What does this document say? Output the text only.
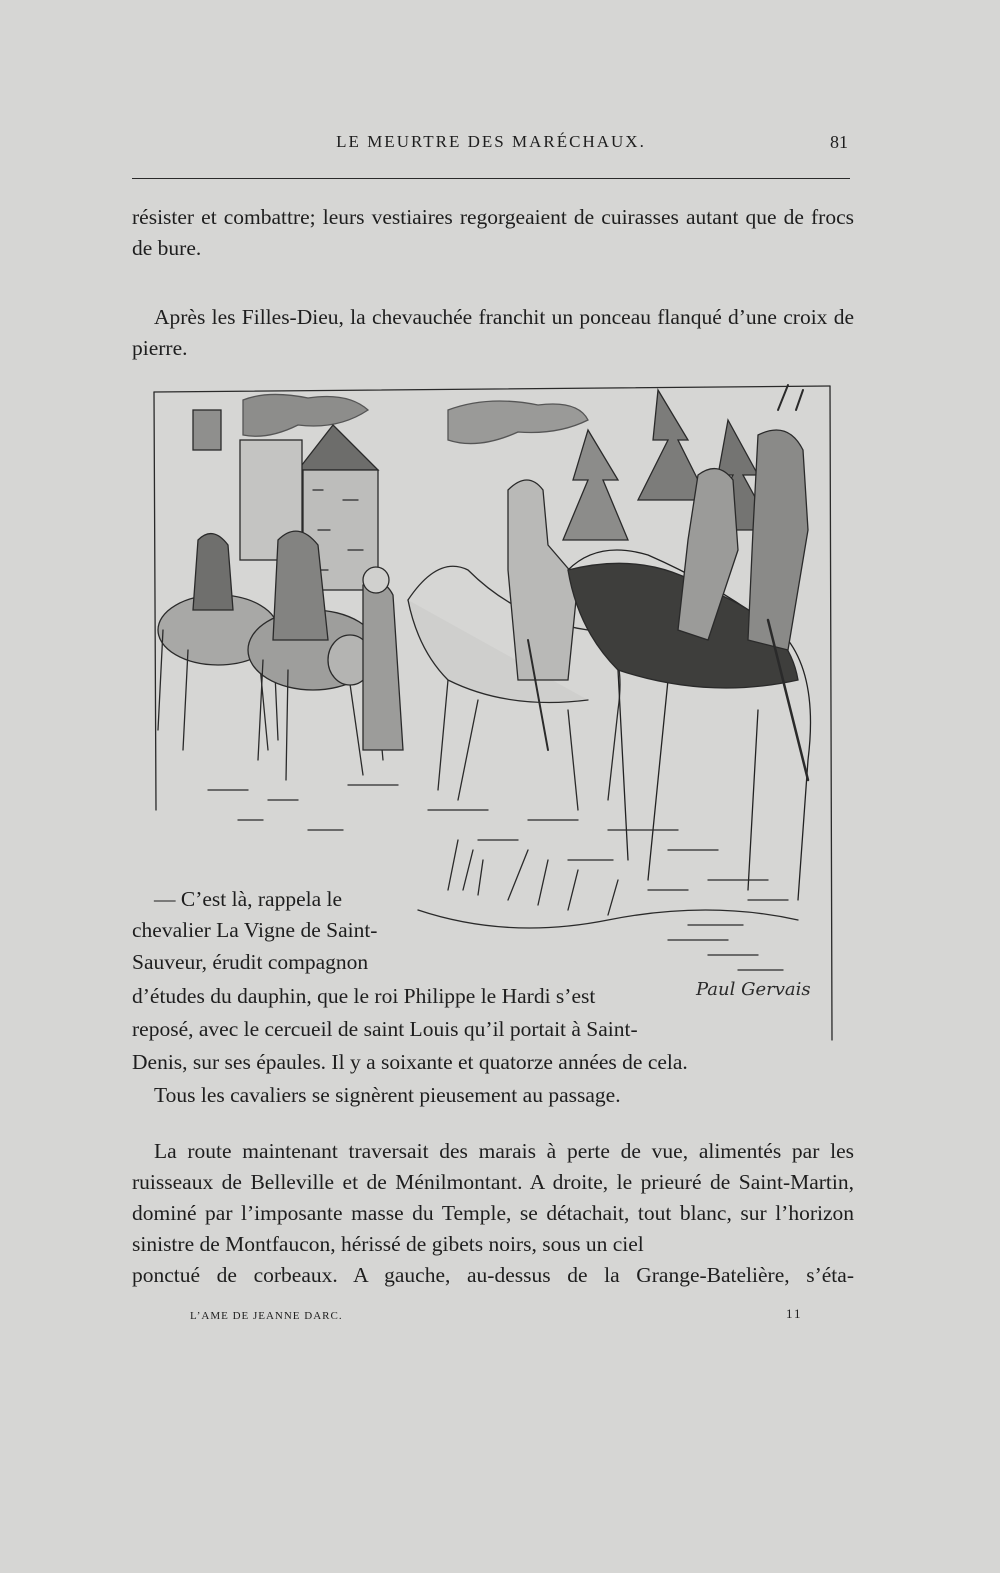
LE MEURTRE DES MARÉCHAUX.	81

résister et combattre; leurs vestiaires regorgeaient de cuirasses autant que de frocs de bure.

Après les Filles-Dieu, la chevauchée franchit un ponceau flanqué d’une croix de pierre.

Paul Gervais
— C’est là, rappela le
chevalier La Vigne de Saint-
Sauveur, érudit compagnon
d’études du dauphin, que le roi Philippe le Hardi s’est
reposé, avec le cercueil de saint Louis qu’il portait à Saint-
Denis, sur ses épaules. Il y a soixante et quatorze années de cela.
Tous les cavaliers se signèrent pieusement au passage.

La route maintenant traversait des marais à perte de vue, alimentés par les ruisseaux de Belleville et de Ménilmontant. A droite, le prieuré de Saint-Martin, dominé par l’imposante masse du Temple, se détachait, tout blanc, sur l’horizon sinistre de Montfaucon, hérissé de gibets noirs, sous un ciel
ponctué de corbeaux. A gauche, au-dessus de la Grange-Batelière, s’éta-

L’AME DE JEANNE DARC.	11
